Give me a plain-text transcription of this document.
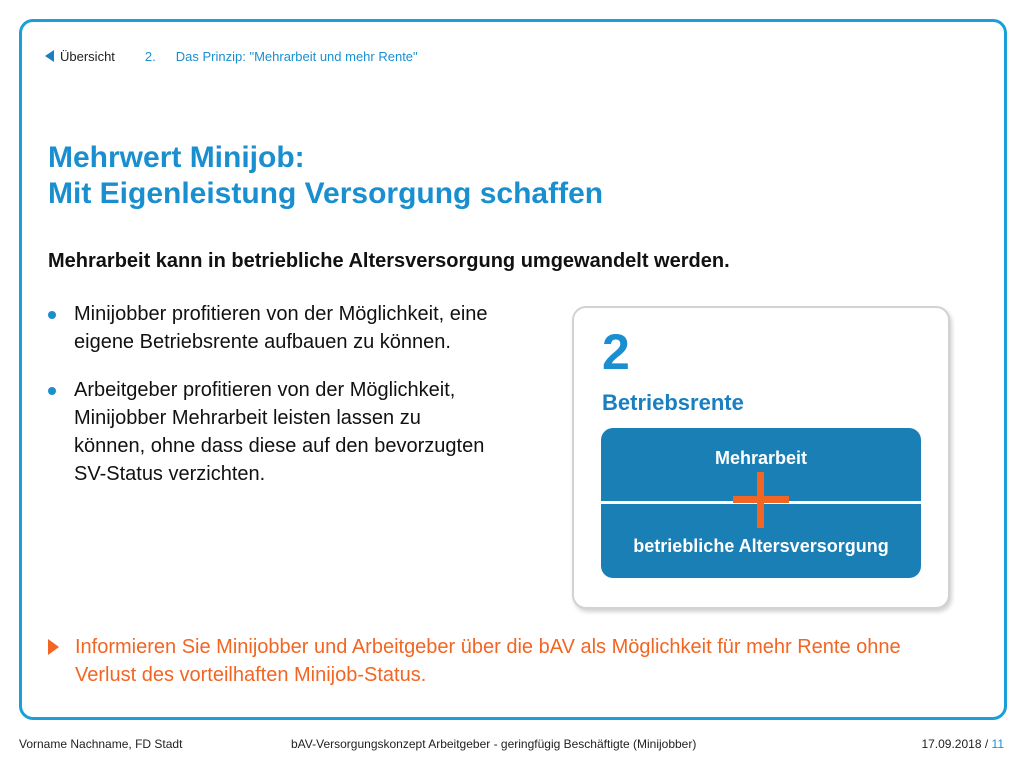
Übersicht 2. Das Prinzip: "Mehrarbeit und mehr Rente"
Mehrwert Minijob:
Mit Eigenleistung Versorgung schaffen
Mehrarbeit kann in betriebliche Altersversorgung umgewandelt werden.
Minijobber profitieren von der Möglichkeit, eine eigene Betriebsrente aufbauen zu können.
Arbeitgeber profitieren von der Möglichkeit, Minijobber Mehrarbeit leisten lassen zu können, ohne dass diese auf den bevorzugten SV-Status verzichten.
2
Betriebsrente
Mehrarbeit
betriebliche Altersversorgung
Informieren Sie Minijobber und Arbeitgeber über die bAV als Möglichkeit für mehr Rente ohne Verlust des vorteilhaften Minijob-Status.
Vorname Nachname, FD Stadt	bAV-Versorgungskonzept Arbeitgeber - geringfügig Beschäftigte (Minijobber)	17.09.2018 / 11
